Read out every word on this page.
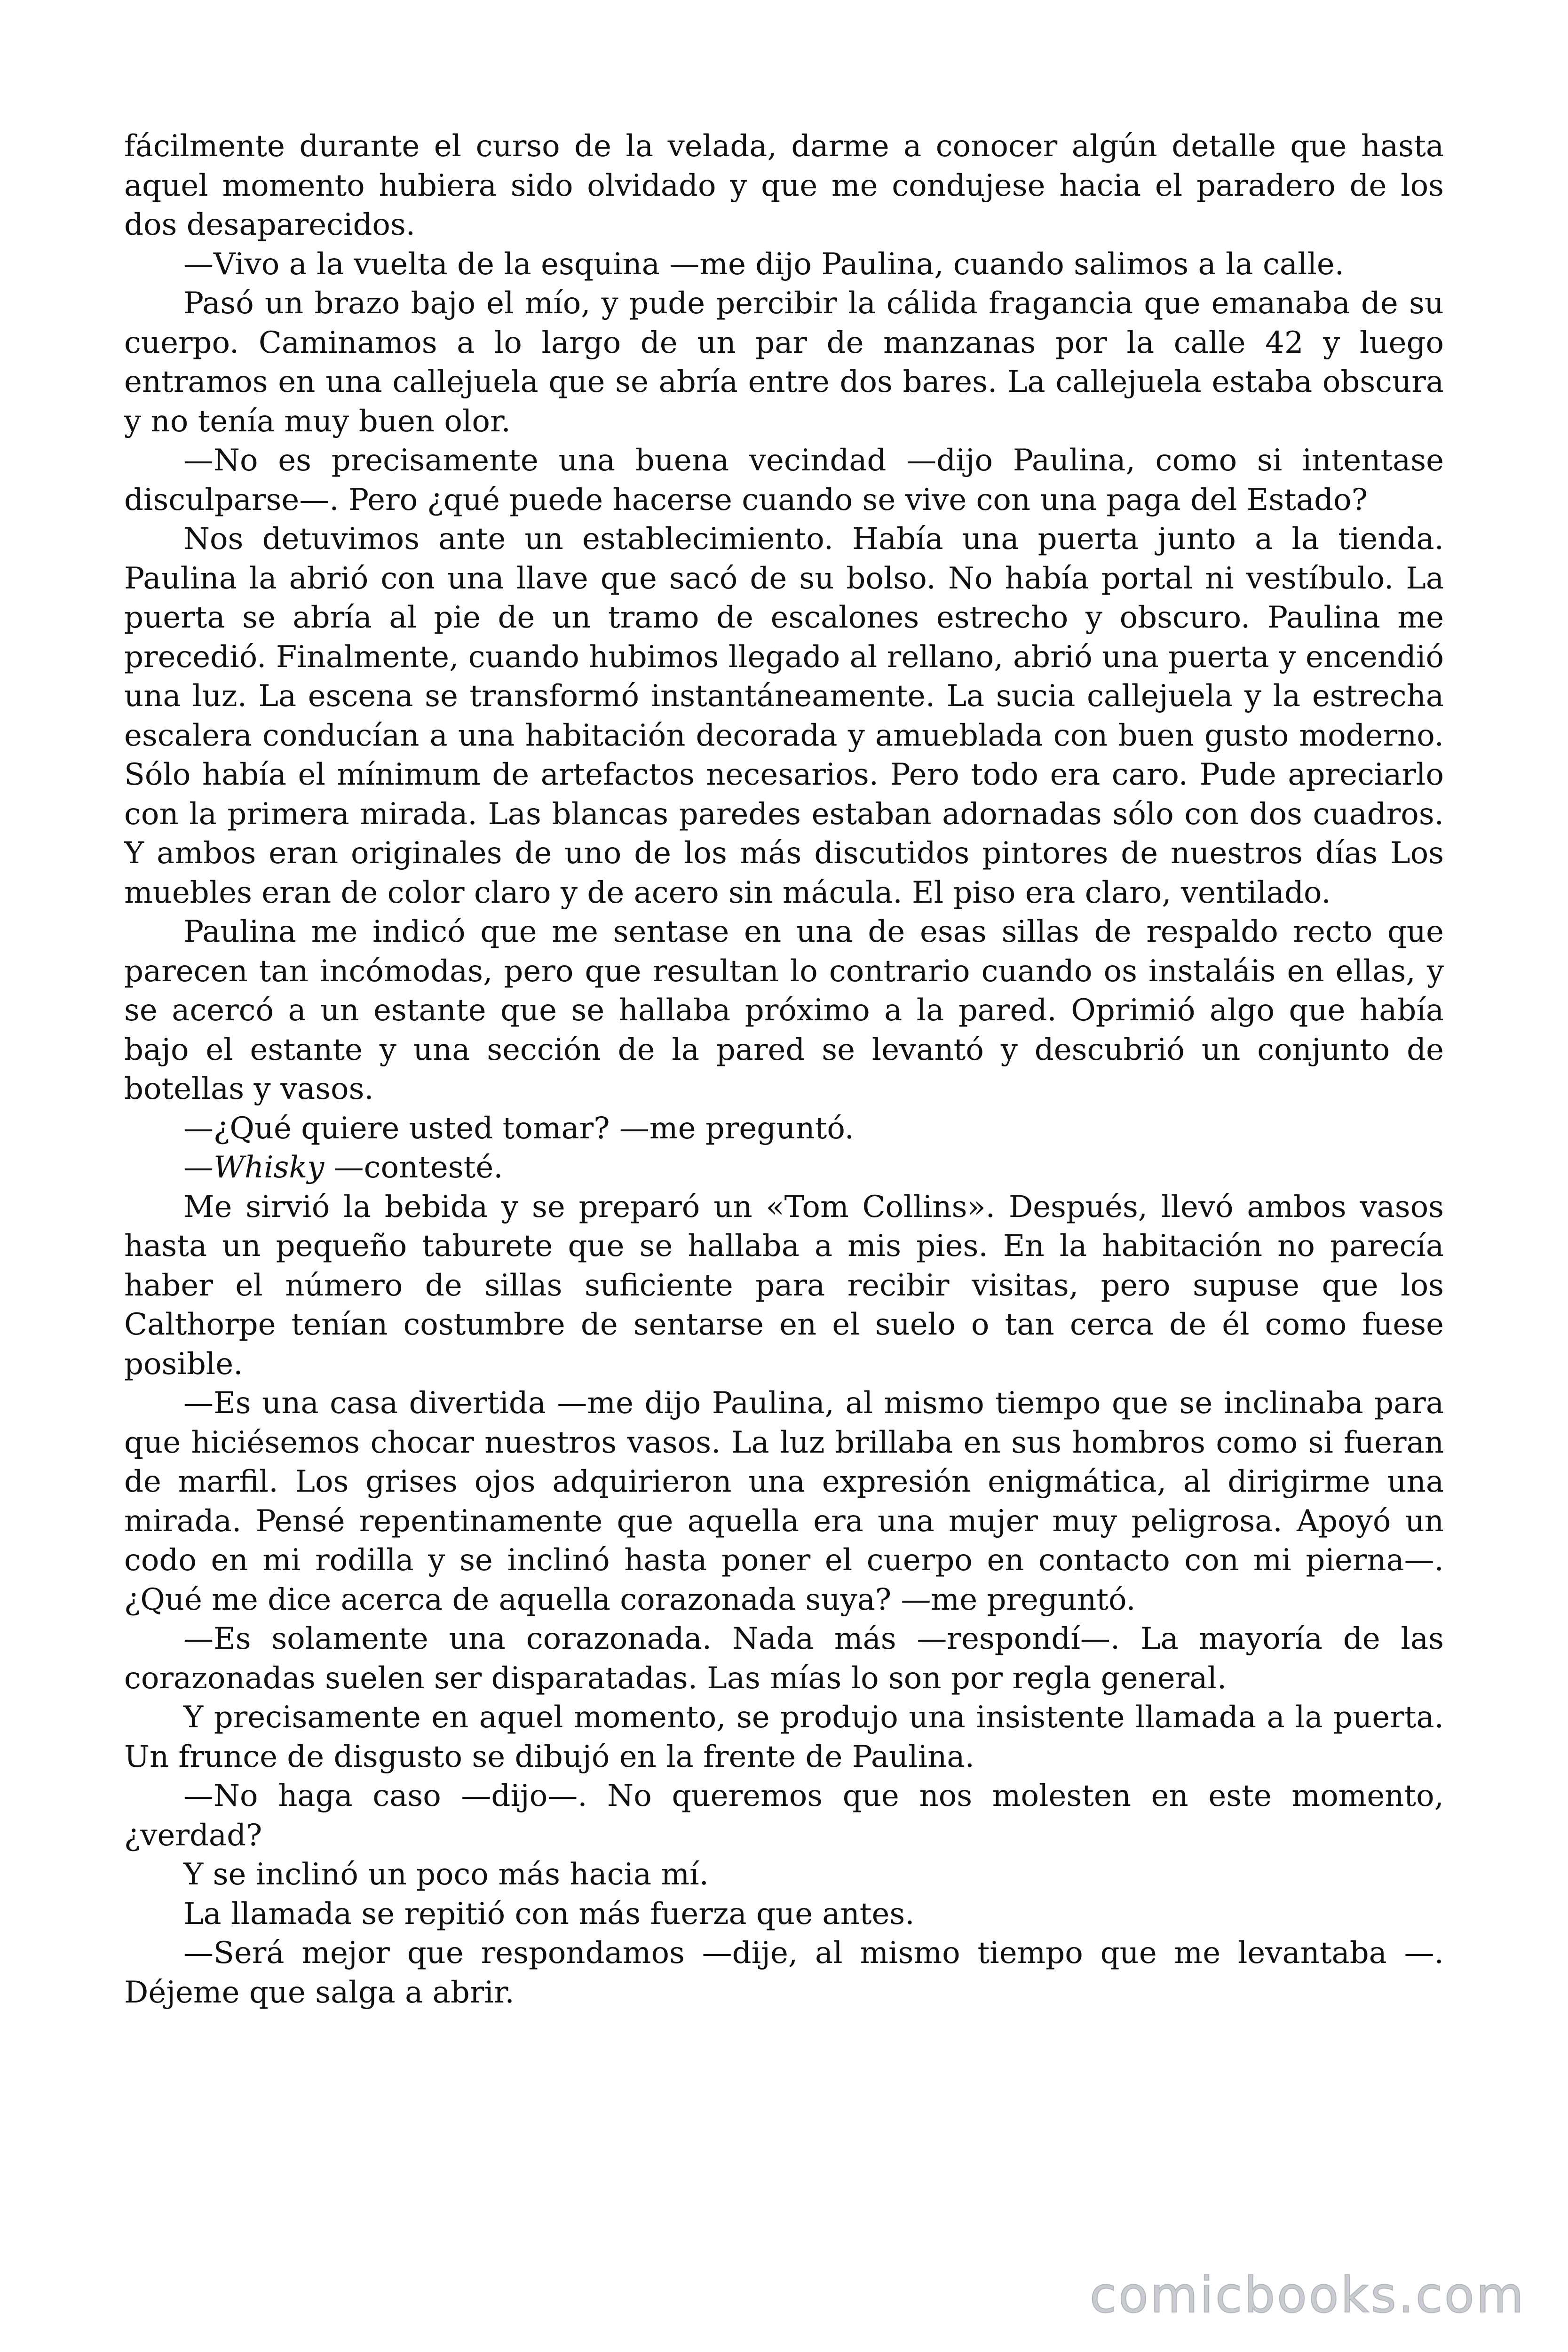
fácilmente durante el curso de la velada, darme a conocer algún detalle que hasta aquel momento hubiera sido olvidado y que me condujese hacia el paradero de los dos desaparecidos.

—Vivo a la vuelta de la esquina —me dijo Paulina, cuando salimos a la calle.

Pasó un brazo bajo el mío, y pude percibir la cálida fragancia que emanaba de su cuerpo. Caminamos a lo largo de un par de manzanas por la calle 42 y luego entramos en una callejuela que se abría entre dos bares. La callejuela estaba obscura y no tenía muy buen olor.

—No es precisamente una buena vecindad —dijo Paulina, como si intentase disculparse—. Pero ¿qué puede hacerse cuando se vive con una paga del Estado?

Nos detuvimos ante un establecimiento. Había una puerta junto a la tienda. Paulina la abrió con una llave que sacó de su bolso. No había portal ni vestíbulo. La puerta se abría al pie de un tramo de escalones estrecho y obscuro. Paulina me precedió. Finalmente, cuando hubimos llegado al rellano, abrió una puerta y encendió una luz. La escena se transformó instantáneamente. La sucia callejuela y la estrecha escalera conducían a una habitación decorada y amueblada con buen gusto moderno. Sólo había el mínimum de artefactos necesarios. Pero todo era caro. Pude apreciarlo con la primera mirada. Las blancas paredes estaban adornadas sólo con dos cuadros. Y ambos eran originales de uno de los más discutidos pintores de nuestros días Los muebles eran de color claro y de acero sin mácula. El piso era claro, ventilado.

Paulina me indicó que me sentase en una de esas sillas de respaldo recto que parecen tan incómodas, pero que resultan lo contrario cuando os instaláis en ellas, y se acercó a un estante que se hallaba próximo a la pared. Oprimió algo que había bajo el estante y una sección de la pared se levantó y descubrió un conjunto de botellas y vasos.

—¿Qué quiere usted tomar? —me preguntó.

—Whisky —contesté.

Me sirvió la bebida y se preparó un «Tom Collins». Después, llevó ambos vasos hasta un pequeño taburete que se hallaba a mis pies. En la habitación no parecía haber el número de sillas suficiente para recibir visitas, pero supuse que los Calthorpe tenían costumbre de sentarse en el suelo o tan cerca de él como fuese posible.

—Es una casa divertida —me dijo Paulina, al mismo tiempo que se inclinaba para que hiciésemos chocar nuestros vasos. La luz brillaba en sus hombros como si fueran de marfil. Los grises ojos adquirieron una expresión enigmática, al dirigirme una mirada. Pensé repentinamente que aquella era una mujer muy peligrosa. Apoyó un codo en mi rodilla y se inclinó hasta poner el cuerpo en contacto con mi pierna—. ¿Qué me dice acerca de aquella corazonada suya? —me preguntó.

—Es solamente una corazonada. Nada más —respondí—. La mayoría de las corazonadas suelen ser disparatadas. Las mías lo son por regla general.

Y precisamente en aquel momento, se produjo una insistente llamada a la puerta. Un frunce de disgusto se dibujó en la frente de Paulina.

—No haga caso —dijo—. No queremos que nos molesten en este momento, ¿verdad?

Y se inclinó un poco más hacia mí.

La llamada se repitió con más fuerza que antes.

—Será mejor que respondamos —dije, al mismo tiempo que me levantaba —. Déjeme que salga a abrir.

comicbooks.com
